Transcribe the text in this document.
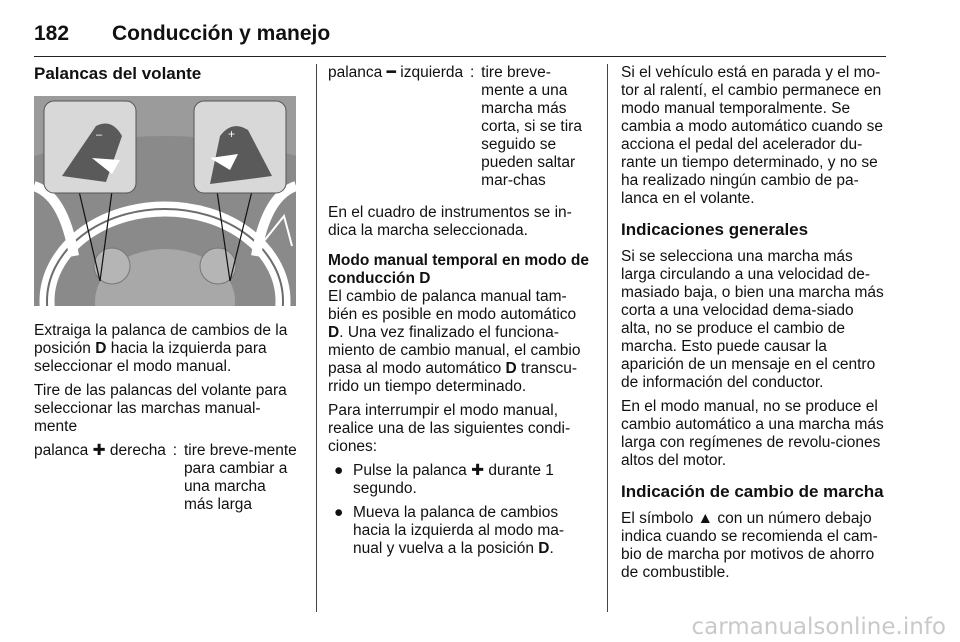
182 Conducción y manejo
Palancas del volante
–	+

Extraiga la palanca de cambios de la posición D hacia la izquierda para seleccionar el modo manual.

Tire de las palancas del volante para seleccionar las marchas manual-mente

palanca ✚ derecha : tire breve-mente para cambiar a una marcha más larga
palanca ━ izquierda : tire breve-mente a una marcha más corta, si se tira seguido se pueden saltar mar-chas

En el cuadro de instrumentos se in-dica la marcha seleccionada.

Modo manual temporal en modo de conducción D

El cambio de palanca manual tam-bién es posible en modo automático D. Una vez finalizado el funciona-miento de cambio manual, el cambio pasa al modo automático D transcu-rrido un tiempo determinado.

Para interrumpir el modo manual, realice una de las siguientes condi-ciones:

● Pulse la palanca ✚ durante 1 segundo.
● Mueva la palanca de cambios hacia la izquierda al modo ma-nual y vuelva a la posición D.

Si el vehículo está en parada y el mo-tor al ralentí, el cambio permanece en modo manual temporalmente. Se cambia a modo automático cuando se acciona el pedal del acelerador du-rante un tiempo determinado, y no se ha realizado ningún cambio de pa-lanca en el volante.

Indicaciones generales

Si se selecciona una marcha más larga circulando a una velocidad de-masiado baja, o bien una marcha más corta a una velocidad dema-siado alta, no se produce el cambio de marcha. Esto puede causar la aparición de un mensaje en el centro de información del conductor.

En el modo manual, no se produce el cambio automático a una marcha más larga con regímenes de revolu-ciones altos del motor.

Indicación de cambio de marcha

El símbolo ▲ con un número debajo indica cuando se recomienda el cam-bio de marcha por motivos de ahorro de combustible.

carmanualsonline.info
